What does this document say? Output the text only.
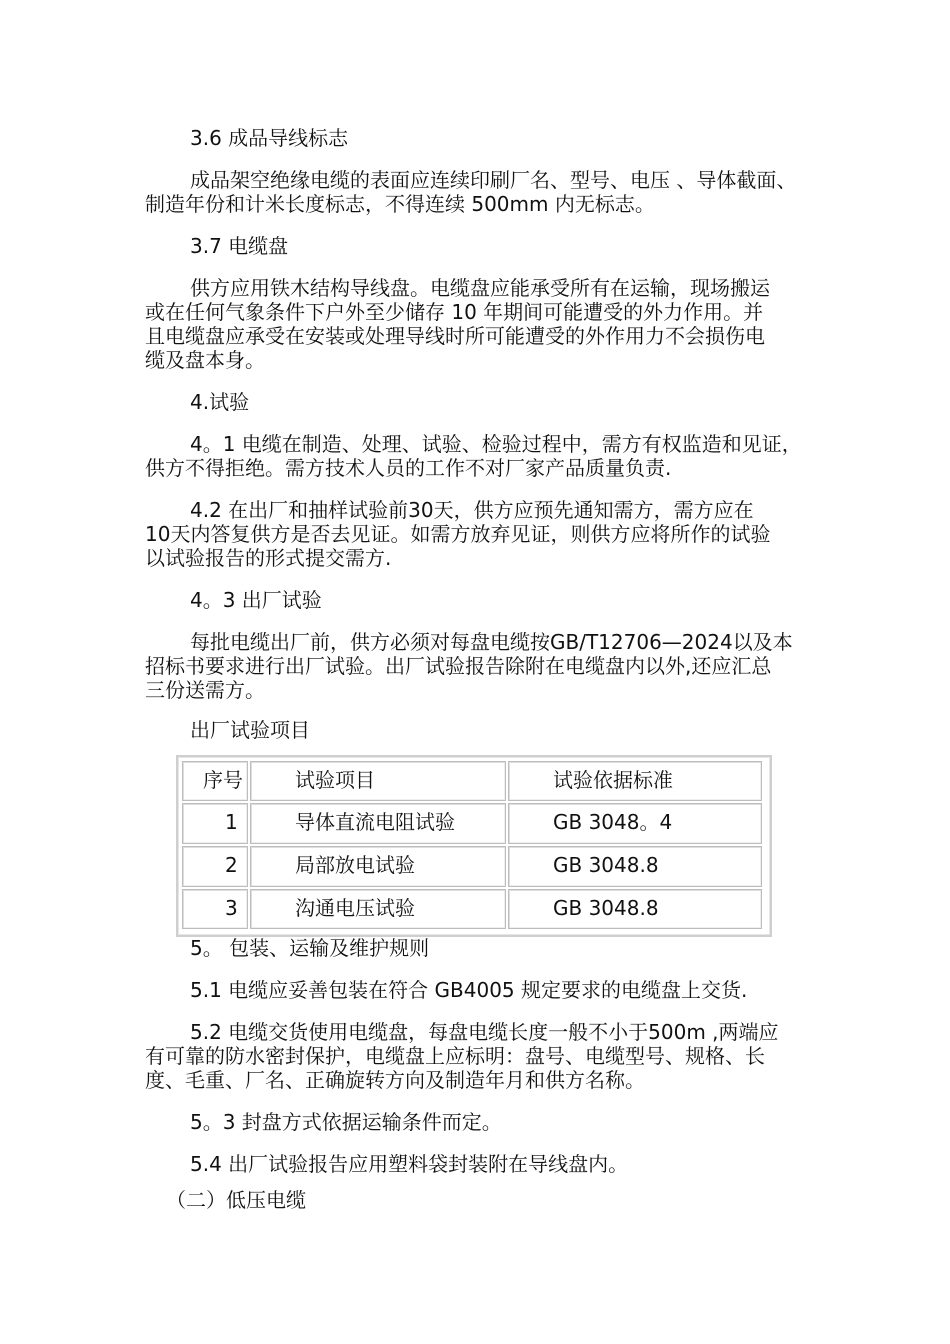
3.6 成品导线标志
成品架空绝缘电缆的表面应连续印刷厂名、型号、电压 、导体截面、
制造年份和计米长度标志，不得连续 500mm 内无标志。
3.7 电缆盘
供方应用铁木结构导线盘。电缆盘应能承受所有在运输，现场搬运
或在任何气象条件下户外至少储存 10 年期间可能遭受的外力作用。并
且电缆盘应承受在安装或处理导线时所可能遭受的外作用力不会损伤电
缆及盘本身。
4.试验
4。1 电缆在制造、处理、试验、检验过程中，需方有权监造和见证，
供方不得拒绝。需方技术人员的工作不对厂家产品质量负责.
4.2 在出厂和抽样试验前30天，供方应预先通知需方，需方应在
10天内答复供方是否去见证。如需方放弃见证，则供方应将所作的试验
以试验报告的形式提交需方.
4。3 出厂试验
每批电缆出厂前，供方必须对每盘电缆按GB/T12706—2024以及本
招标书要求进行出厂试验。出厂试验报告除附在电缆盘内以外,还应汇总
三份送需方。
出厂试验项目
序号	试验项目	试验依据标准
1	导体直流电阻试验	GB 3048。4
2	局部放电试验	GB 3048.8
3	沟通电压试验	GB 3048.8
5。 包装、运输及维护规则
5.1 电缆应妥善包装在符合 GB4005 规定要求的电缆盘上交货.
5.2 电缆交货使用电缆盘，每盘电缆长度一般不小于500m ,两端应
有可靠的防水密封保护，电缆盘上应标明：盘号、电缆型号、规格、长
度、毛重、厂名、正确旋转方向及制造年月和供方名称。
5。3 封盘方式依据运输条件而定。
5.4 出厂试验报告应用塑料袋封装附在导线盘内。
（二）低压电缆
